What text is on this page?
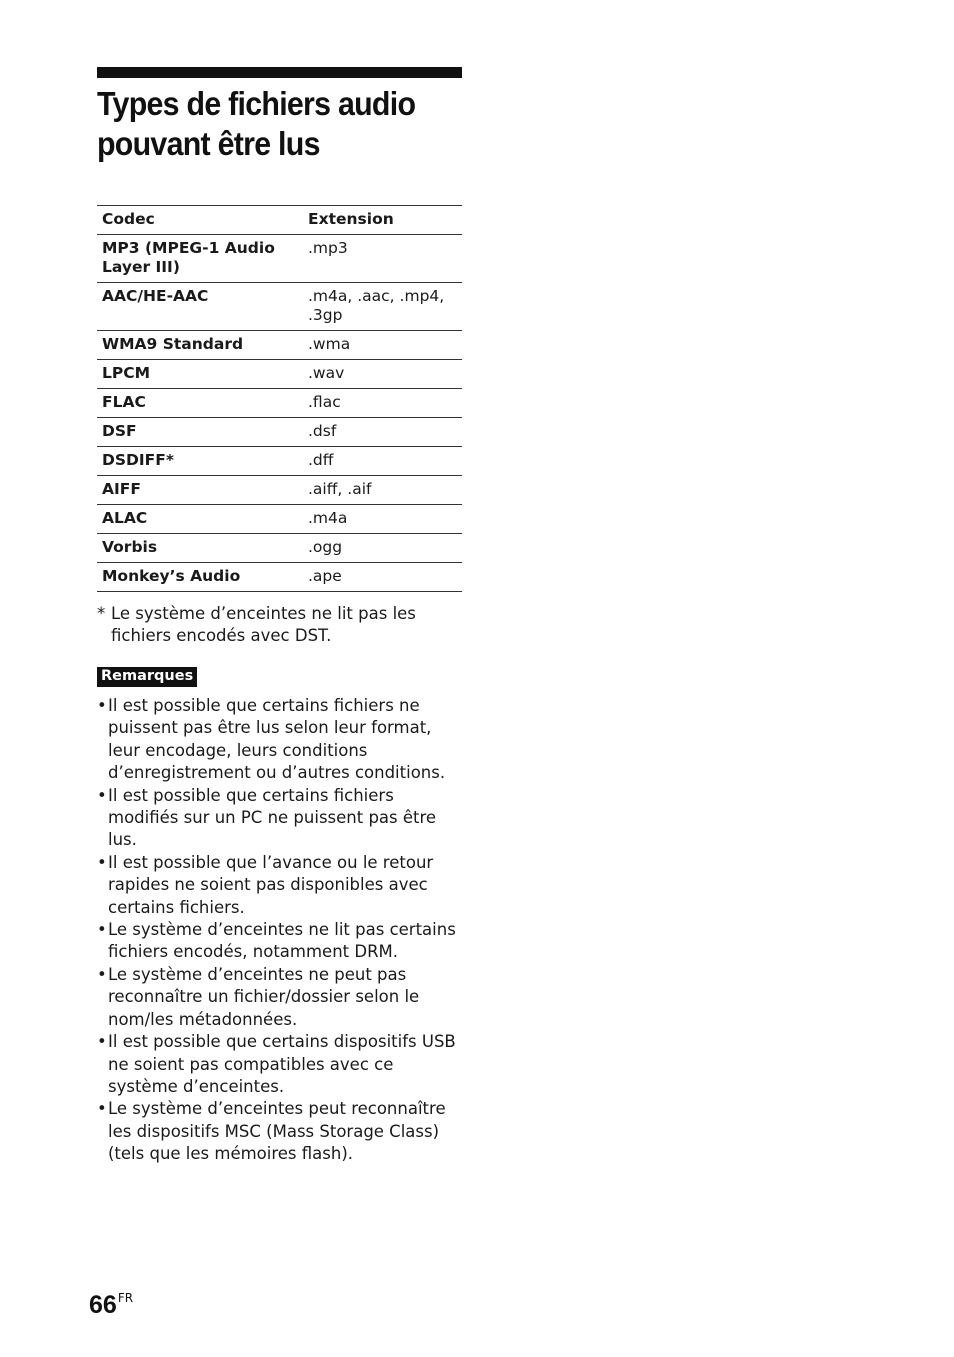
Types de fichiers audio
pouvant être lus
Codec	Extension
MP3 (MPEG-1 Audio Layer III)	.mp3
AAC/HE-AAC	.m4a, .aac, .mp4, .3gp
WMA9 Standard	.wma
LPCM	.wav
FLAC	.flac
DSF	.dsf
DSDIFF*	.dff
AIFF	.aiff, .aif
ALAC	.m4a
Vorbis	.ogg
Monkey’s Audio	.ape
* Le système d’enceintes ne lit pas les fichiers encodés avec DST.
Remarques
• Il est possible que certains fichiers ne puissent pas être lus selon leur format, leur encodage, leurs conditions d’enregistrement ou d’autres conditions.
• Il est possible que certains fichiers modifiés sur un PC ne puissent pas être lus.
• Il est possible que l’avance ou le retour rapides ne soient pas disponibles avec certains fichiers.
• Le système d’enceintes ne lit pas certains fichiers encodés, notamment DRM.
• Le système d’enceintes ne peut pas reconnaître un fichier/dossier selon le nom/les métadonnées.
• Il est possible que certains dispositifs USB ne soient pas compatibles avec ce système d’enceintes.
• Le système d’enceintes peut reconnaître les dispositifs MSC (Mass Storage Class) (tels que les mémoires flash).
$66^{FR}$
